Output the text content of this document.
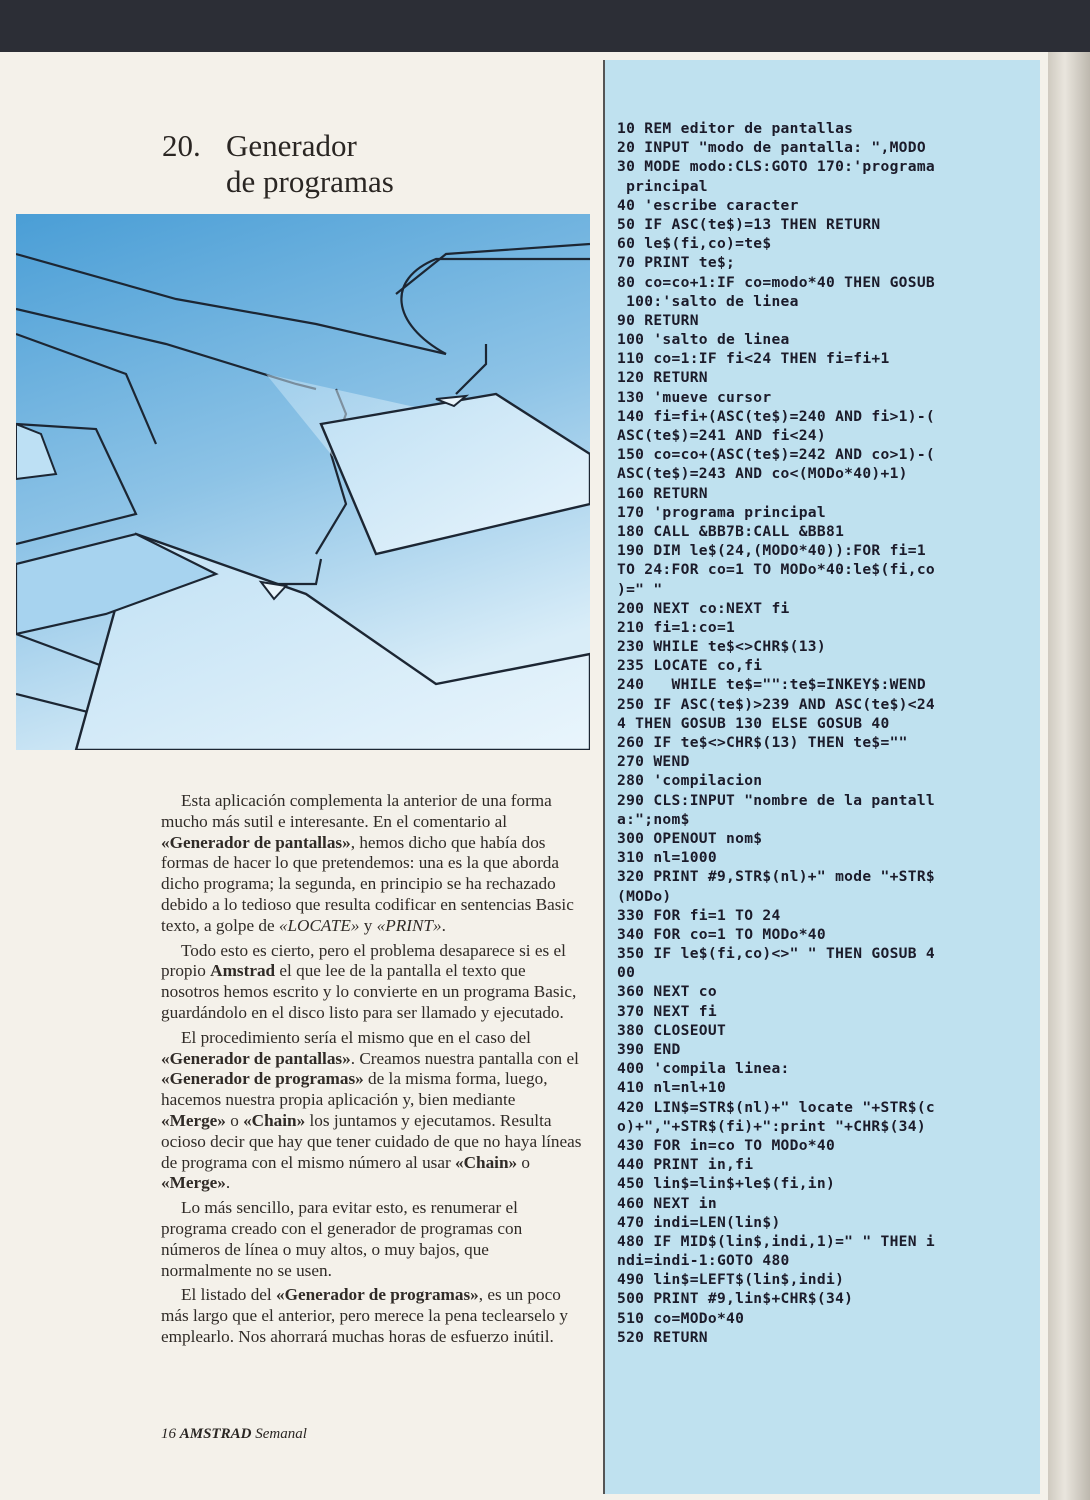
20. Generador
de programas

Esta aplicación complementa la anterior de una forma mucho más sutil e interesante. En el comentario al «Generador de pantallas», hemos dicho que había dos formas de hacer lo que pretendemos: una es la que aborda dicho programa; la segunda, en principio se ha rechazado debido a lo tedioso que resulta codificar en sentencias Basic texto, a golpe de «LOCATE» y «PRINT».

Todo esto es cierto, pero el problema desaparece si es el propio Amstrad el que lee de la pantalla el texto que nosotros hemos escrito y lo convierte en un programa Basic, guardándolo en el disco listo para ser llamado y ejecutado.

El procedimiento sería el mismo que en el caso del «Generador de pantallas». Creamos nuestra pantalla con el «Generador de programas» de la misma forma, luego, hacemos nuestra propia aplicación y, bien mediante «Merge» o «Chain» los juntamos y ejecutamos. Resulta ocioso decir que hay que tener cuidado de que no haya líneas de programa con el mismo número al usar «Chain» o «Merge».

Lo más sencillo, para evitar esto, es renumerar el programa creado con el generador de programas con números de línea o muy altos, o muy bajos, que normalmente no se usen.

El listado del «Generador de programas», es un poco más largo que el anterior, pero merece la pena teclearselo y emplearlo. Nos ahorrará muchas horas de esfuerzo inútil.

16 AMSTRAD Semanal
10 REM editor de pantallas
20 INPUT "modo de pantalla: ",MODO
30 MODE modo:CLS:GOTO 170:'programa
principal
40 'escribe caracter
50 IF ASC(te$)=13 THEN RETURN
60 le$(fi,co)=te$
70 PRINT te$;
80 co=co+1:IF co=modo*40 THEN GOSUB
100:'salto de linea
90 RETURN
100 'salto de linea
110 co=1:IF fi<24 THEN fi=fi+1
120 RETURN
130 'mueve cursor
140 fi=fi+(ASC(te$)=240 AND fi>1)-(
ASC(te$)=241 AND fi<24)
150 co=co+(ASC(te$)=242 AND co>1)-(
ASC(te$)=243 AND co<(MODo*40)+1)
160 RETURN
170 'programa principal
180 CALL &BB7B:CALL &BB81
190 DIM le$(24,(MODO*40)):FOR fi=1
TO 24:FOR co=1 TO MODo*40:le$(fi,co
)=" "
200 NEXT co:NEXT fi
210 fi=1:co=1
230 WHILE te$<>CHR$(13)
235 LOCATE co,fi
240   WHILE te$="":te$=INKEY$:WEND
250 IF ASC(te$)>239 AND ASC(te$)<24
4 THEN GOSUB 130 ELSE GOSUB 40
260 IF te$<>CHR$(13) THEN te$=""
270 WEND
280 'compilacion
290 CLS:INPUT "nombre de la pantall
a:";nom$
300 OPENOUT nom$
310 nl=1000
320 PRINT #9,STR$(nl)+" mode "+STR$
(MODo)
330 FOR fi=1 TO 24
340 FOR co=1 TO MODo*40
350 IF le$(fi,co)<>" " THEN GOSUB 4
00
360 NEXT co
370 NEXT fi
380 CLOSEOUT
390 END
400 'compila linea:
410 nl=nl+10
420 LIN$=STR$(nl)+" locate "+STR$(c
o)+","+STR$(fi)+":print "+CHR$(34)
430 FOR in=co TO MODo*40
440 PRINT in,fi
450 lin$=lin$+le$(fi,in)
460 NEXT in
470 indi=LEN(lin$)
480 IF MID$(lin$,indi,1)=" " THEN i
ndi=indi-1:GOTO 480
490 lin$=LEFT$(lin$,indi)
500 PRINT #9,lin$+CHR$(34)
510 co=MODo*40
520 RETURN
